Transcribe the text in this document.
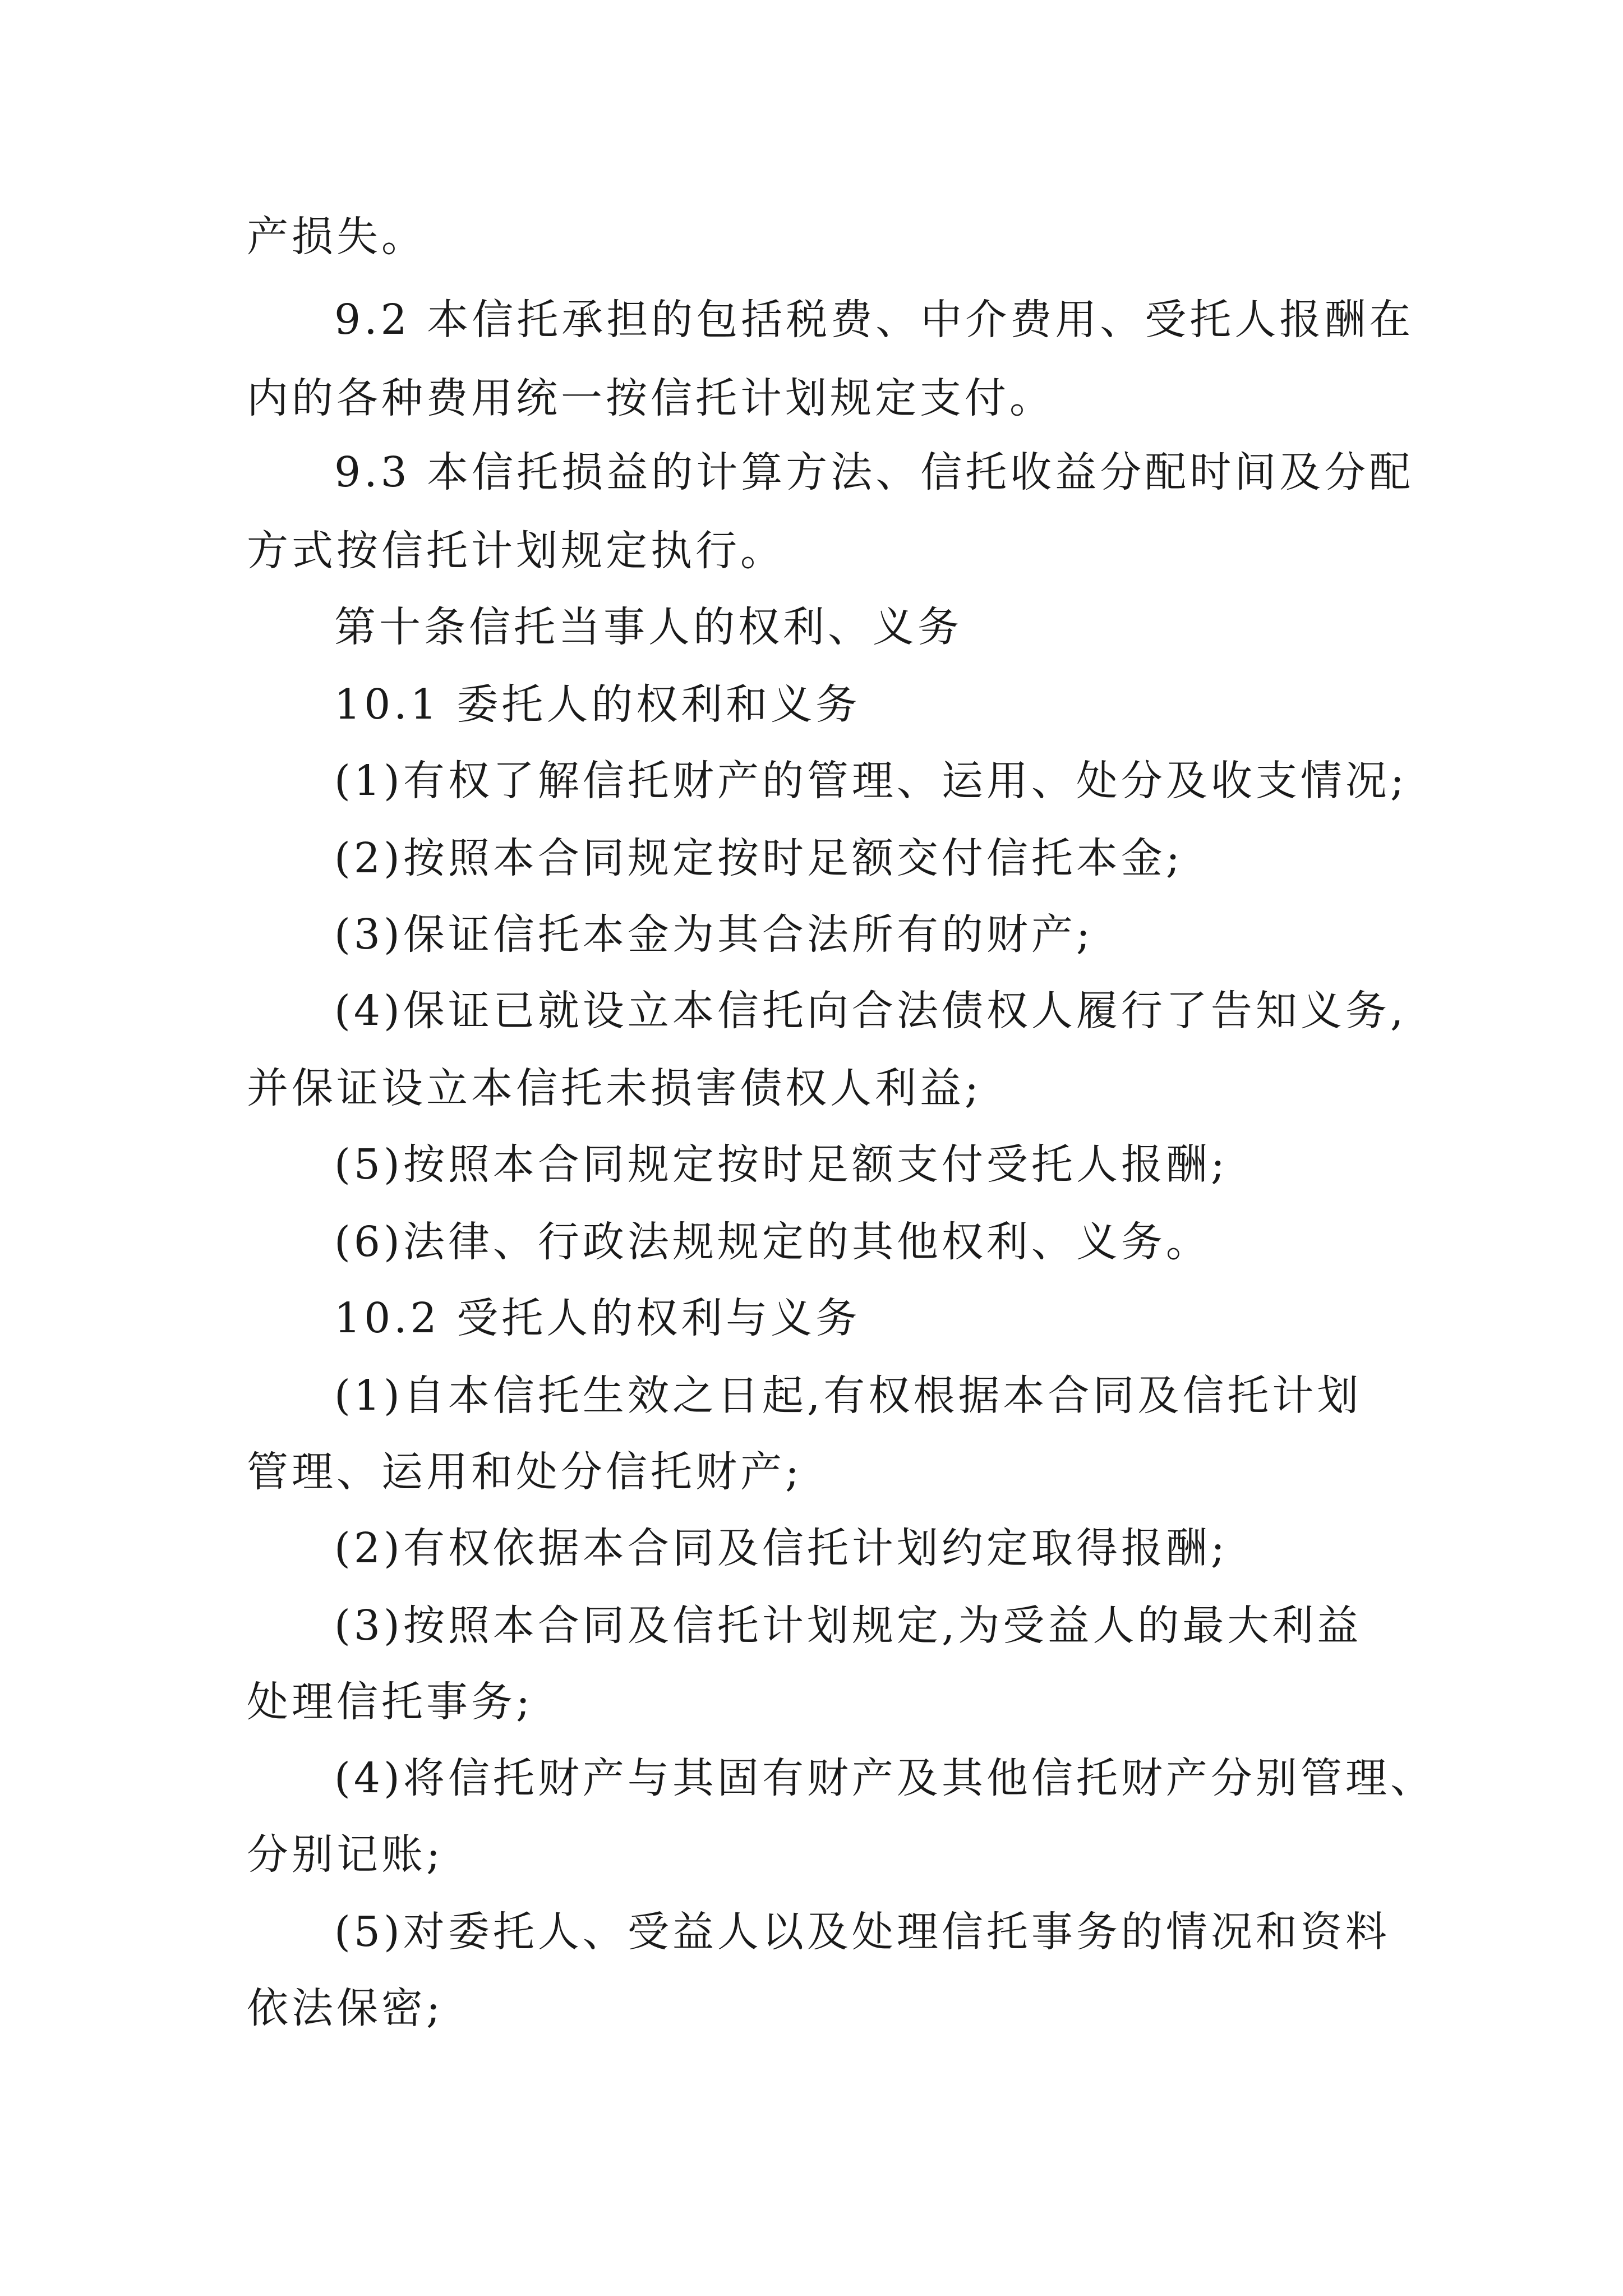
产损失。
9.2 本信托承担的包括税费、中介费用、受托人报酬在
内的各种费用统一按信托计划规定支付。
9.3 本信托损益的计算方法、信托收益分配时间及分配
方式按信托计划规定执行。
第十条信托当事人的权利、义务
10.1 委托人的权利和义务
(1)有权了解信托财产的管理、运用、处分及收支情况;
(2)按照本合同规定按时足额交付信托本金;
(3)保证信托本金为其合法所有的财产;
(4)保证已就设立本信托向合法债权人履行了告知义务,
并保证设立本信托未损害债权人利益;
(5)按照本合同规定按时足额支付受托人报酬;
(6)法律、行政法规规定的其他权利、义务。
10.2 受托人的权利与义务
(1)自本信托生效之日起,有权根据本合同及信托计划
管理、运用和处分信托财产;
(2)有权依据本合同及信托计划约定取得报酬;
(3)按照本合同及信托计划规定,为受益人的最大利益
处理信托事务;
(4)将信托财产与其固有财产及其他信托财产分别管理、
分别记账;
(5)对委托人、受益人以及处理信托事务的情况和资料
依法保密;
